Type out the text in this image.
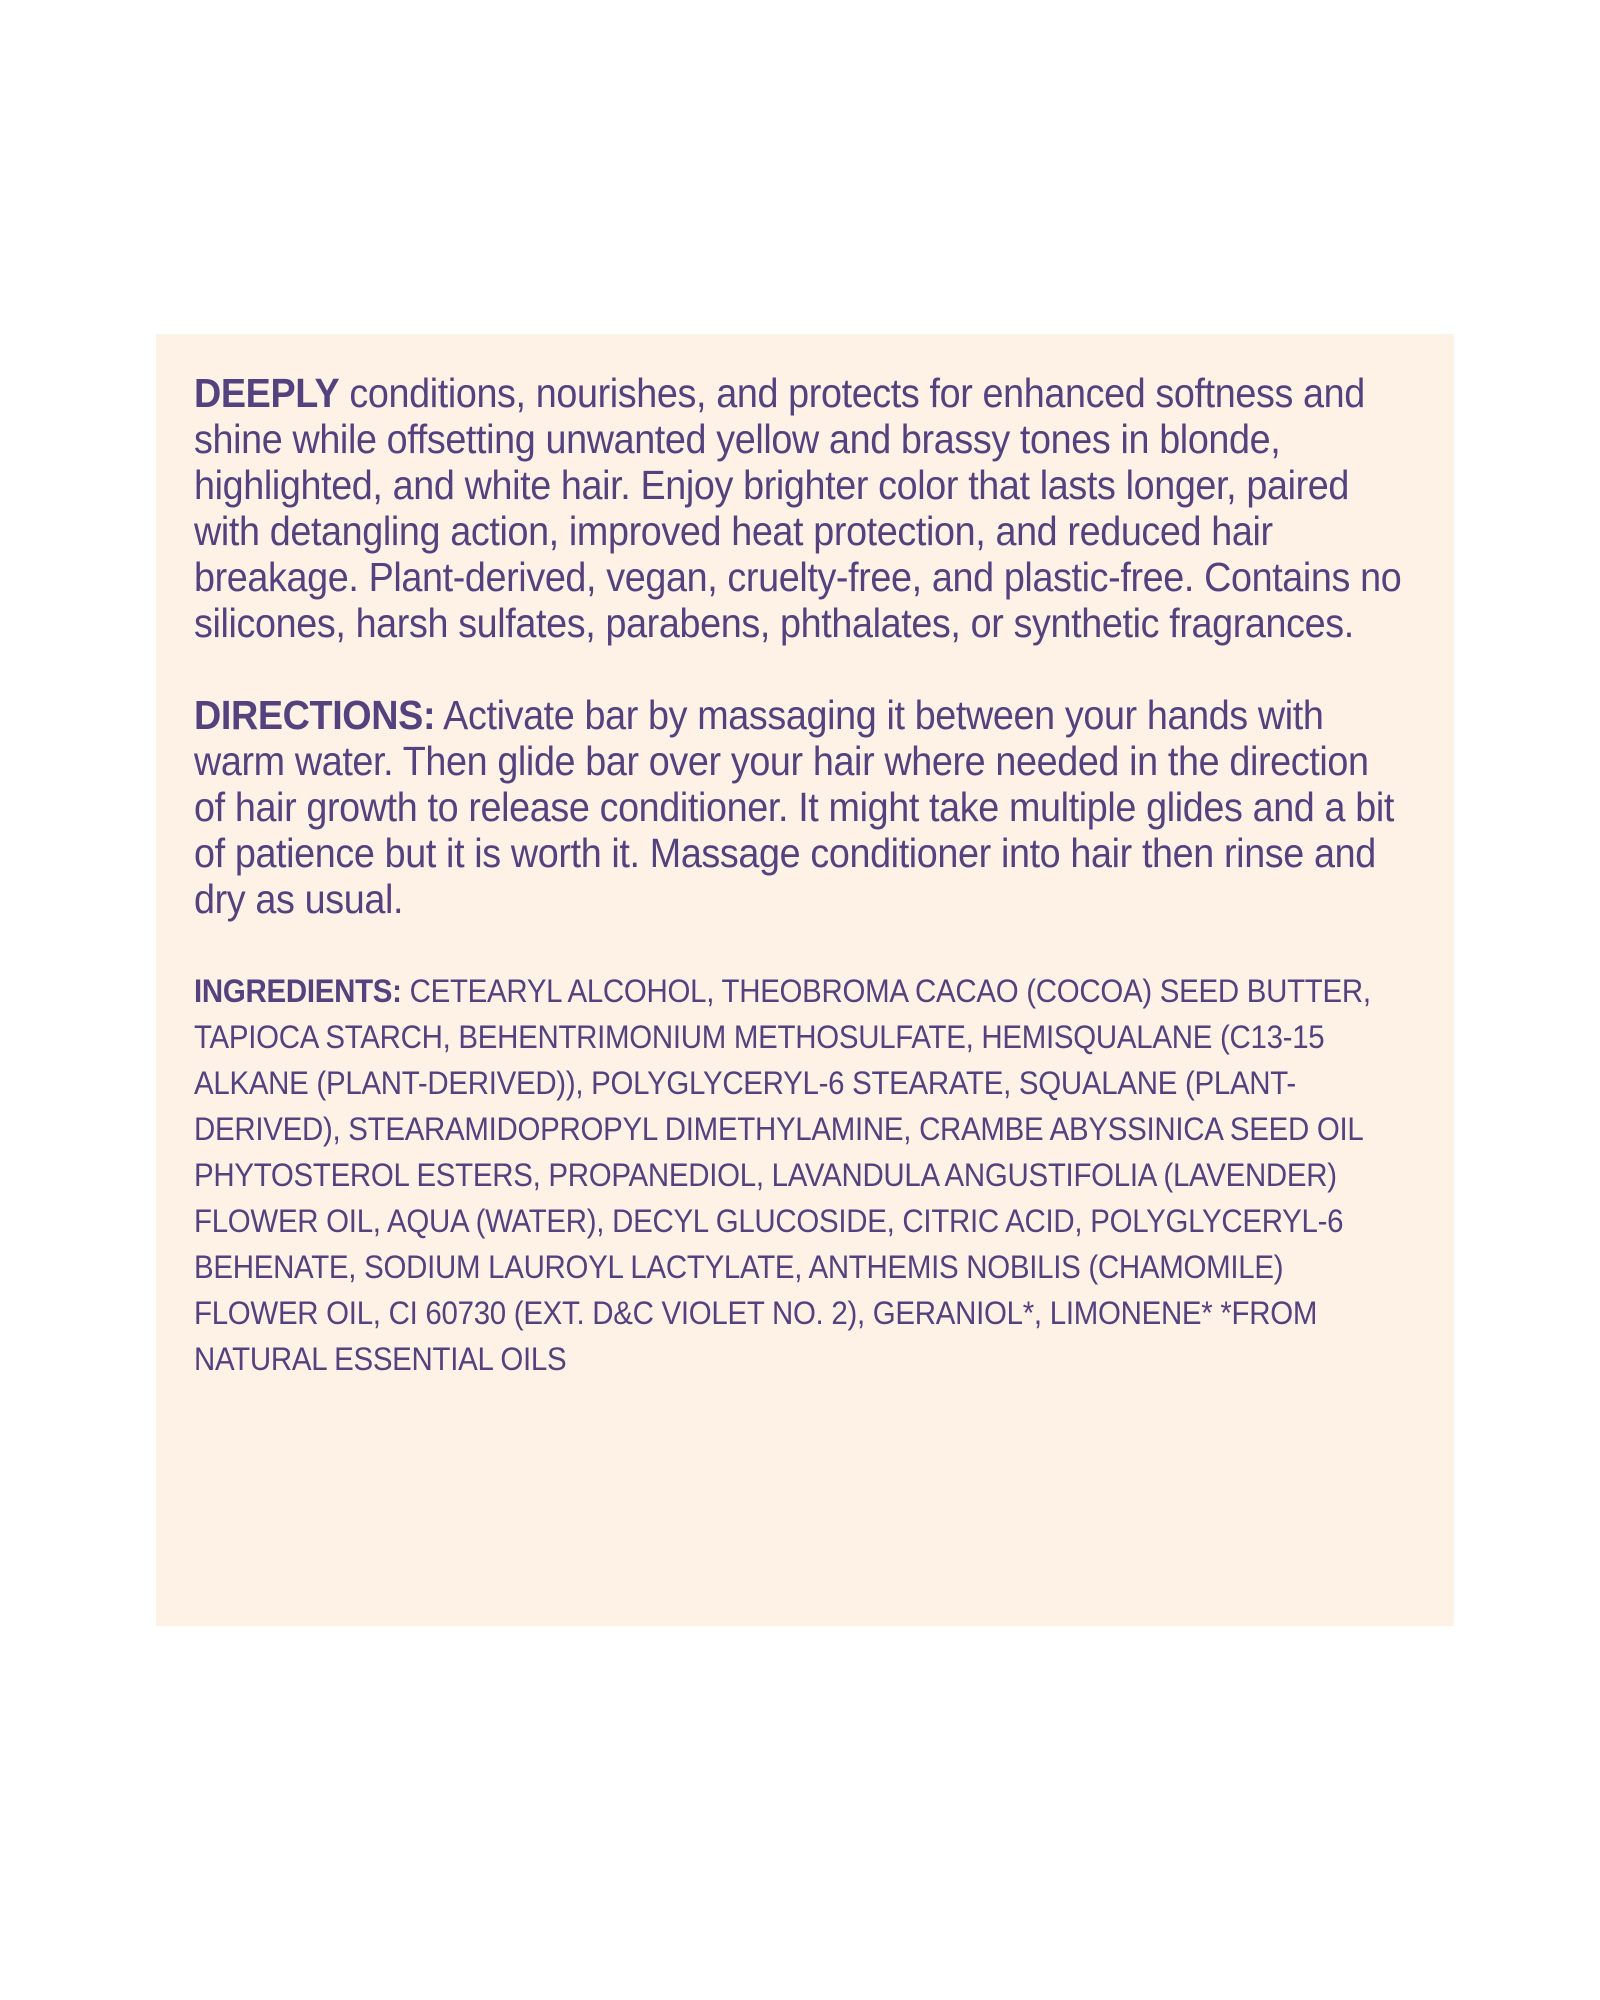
DEEPLY conditions, nourishes, and protects for enhanced softness and shine while offsetting unwanted yellow and brassy tones in blonde, highlighted, and white hair. Enjoy brighter color that lasts longer, paired with detangling action, improved heat protection, and reduced hair breakage. Plant-derived, vegan, cruelty-free, and plastic-free. Contains no silicones, harsh sulfates, parabens, phthalates, or synthetic fragrances.

DIRECTIONS: Activate bar by massaging it between your hands with warm water. Then glide bar over your hair where needed in the direction of hair growth to release conditioner. It might take multiple glides and a bit of patience but it is worth it. Massage conditioner into hair then rinse and dry as usual.

INGREDIENTS: CETEARYL ALCOHOL, THEOBROMA CACAO (COCOA) SEED BUTTER, TAPIOCA STARCH, BEHENTRIMONIUM METHOSULFATE, HEMISQUALANE (C13-15 ALKANE (PLANT-DERIVED)), POLYGLYCERYL-6 STEARATE, SQUALANE (PLANT-DERIVED), STEARAMIDOPROPYL DIMETHYLAMINE, CRAMBE ABYSSINICA SEED OIL PHYTOSTEROL ESTERS, PROPANEDIOL, LAVANDULA ANGUSTIFOLIA (LAVENDER) FLOWER OIL, AQUA (WATER), DECYL GLUCOSIDE, CITRIC ACID, POLYGLYCERYL-6 BEHENATE, SODIUM LAUROYL LACTYLATE, ANTHEMIS NOBILIS (CHAMOMILE) FLOWER OIL, CI 60730 (EXT. D&C VIOLET NO. 2), GERANIOL*, LIMONENE* *FROM NATURAL ESSENTIAL OILS
